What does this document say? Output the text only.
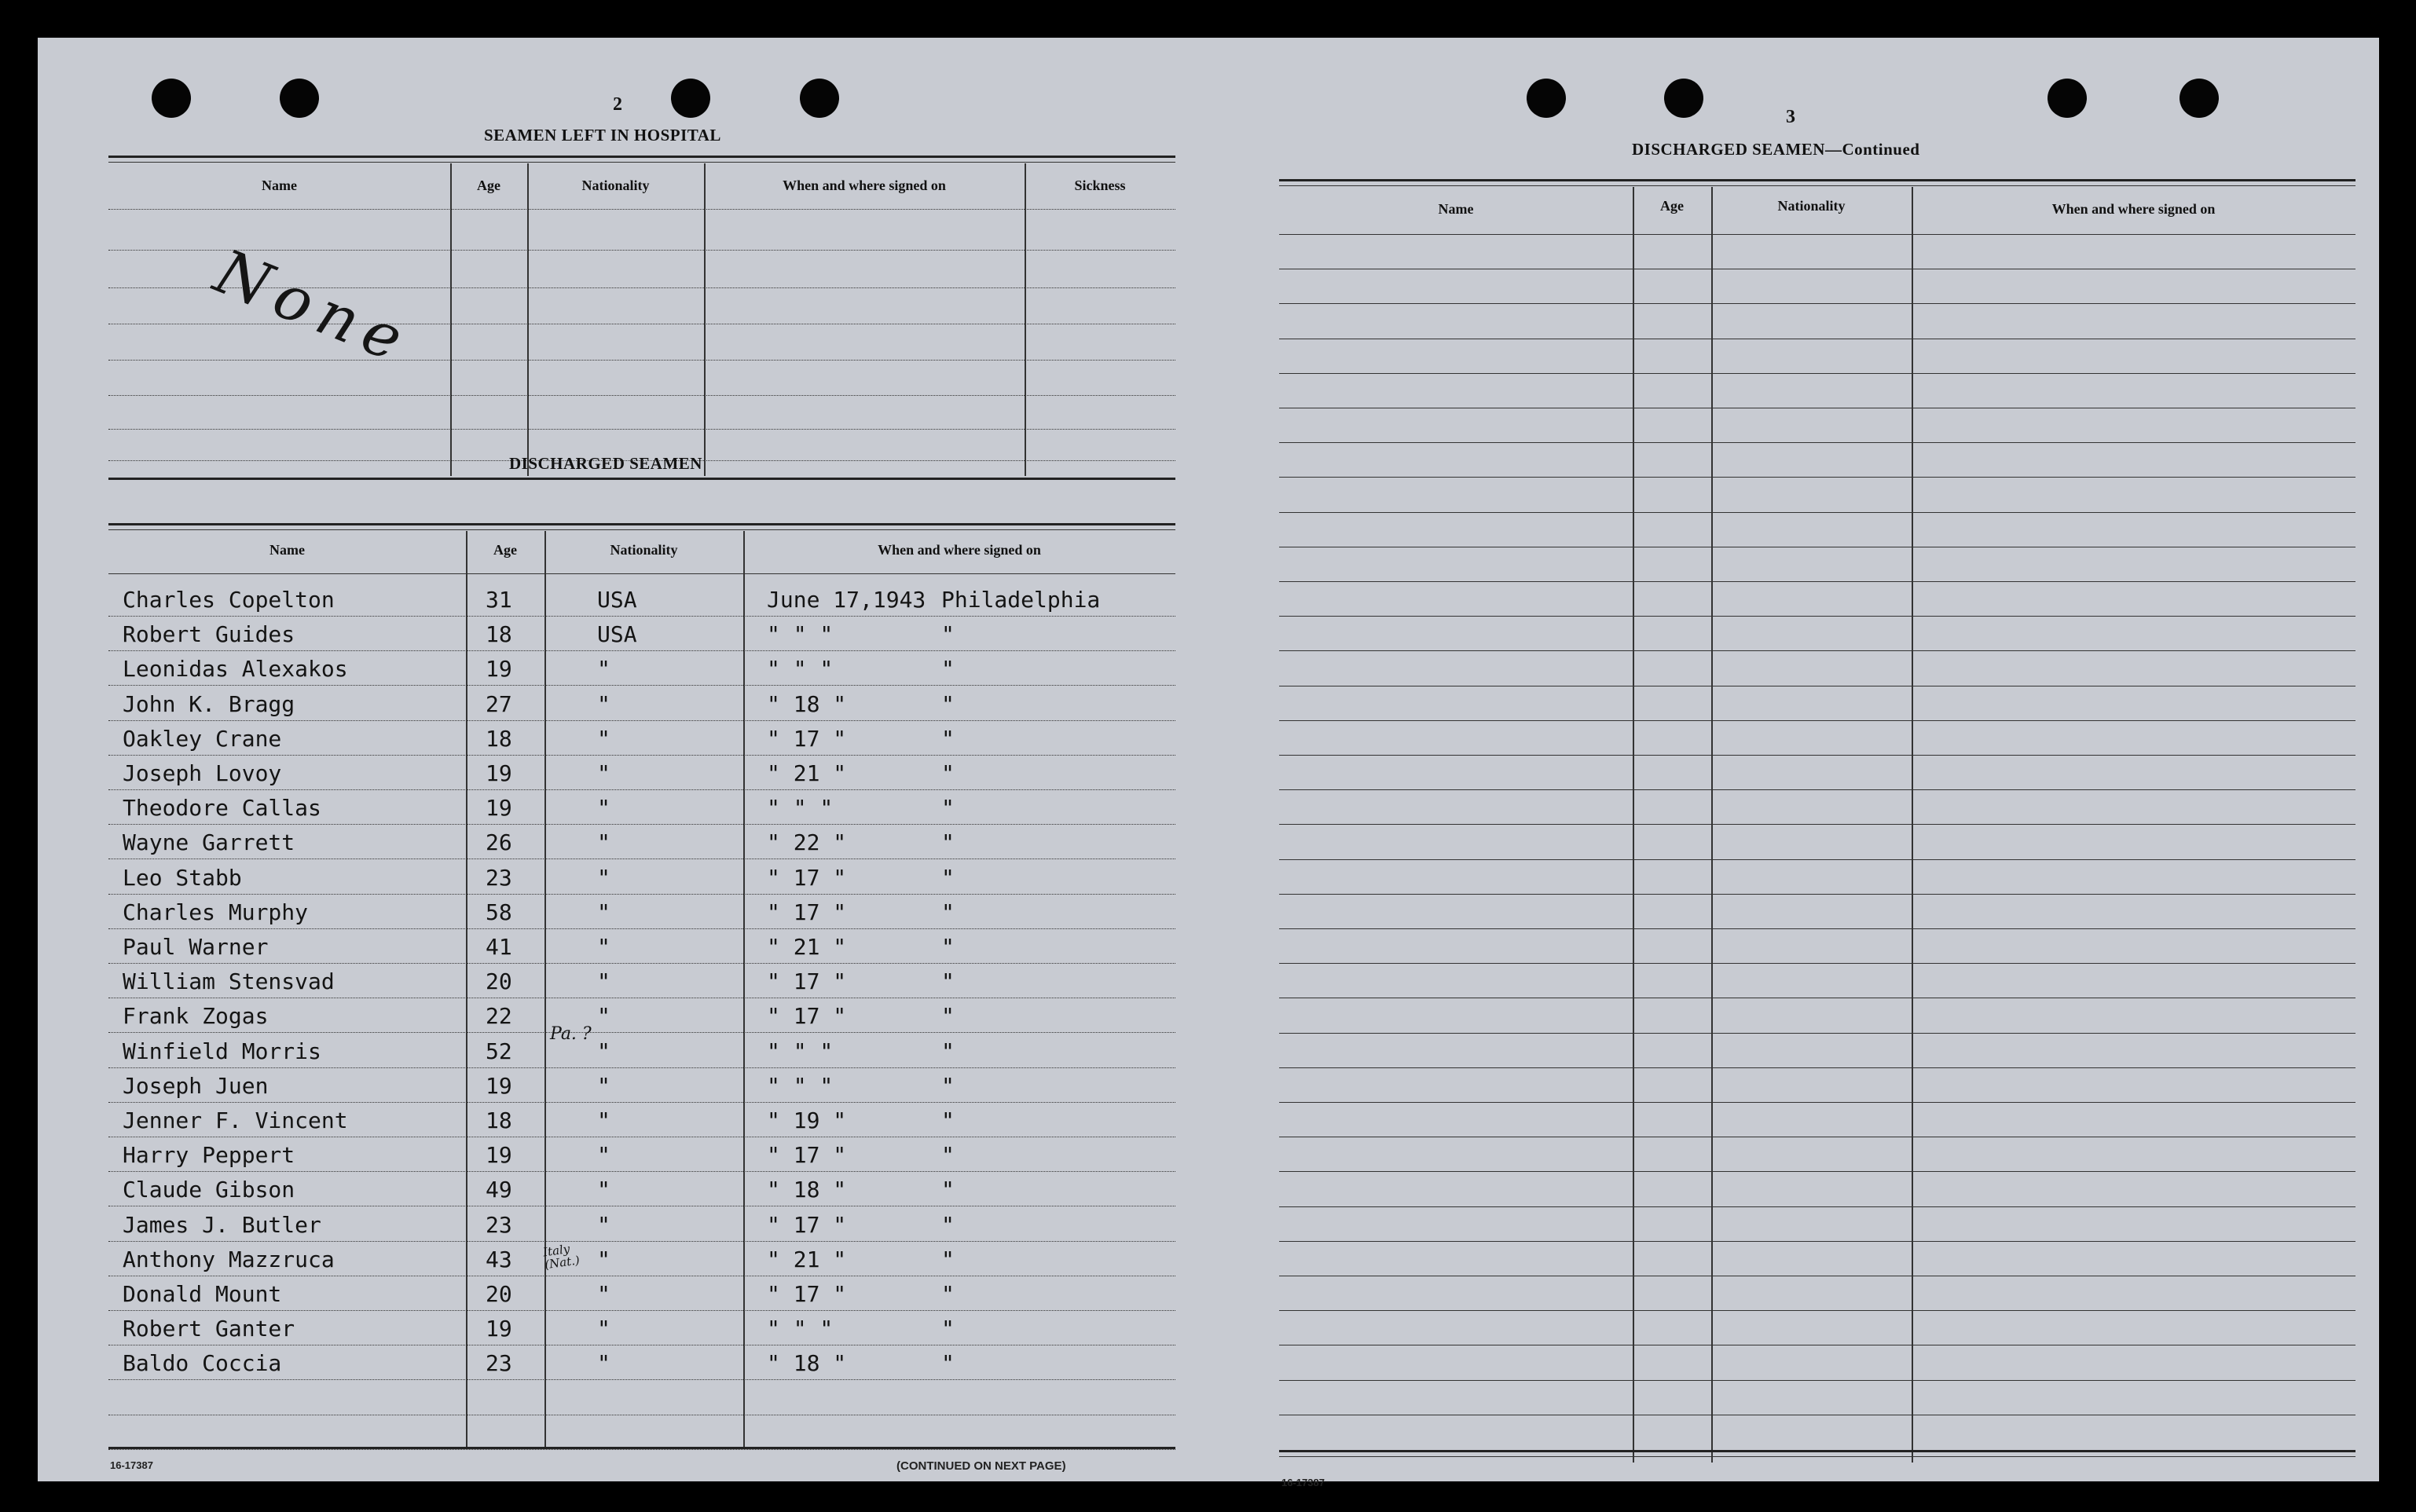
2
SEAMEN LEFT IN HOSPITAL
Name	Age	Nationality	When and where signed on	Sickness
None
DISCHARGED SEAMEN
Name	Age	Nationality	When and where signed on
Charles Copelton	31	USA	June 17,1943 Philadelphia
Robert Guides	18	USA	" " "	"
Leonidas Alexakos	19	"	" " "	"
John K. Bragg	27	"	" 18 "	"
Oakley Crane	18	"	" 17 "	"
Joseph Lovoy	19	"	" 21 "	"
Theodore Callas	19	"	" " "	"
Wayne Garrett	26	"	" 22 "	"
Leo Stabb	23	"	" 17 "	"
Charles Murphy	58	"	" 17 "	"
Paul Warner	41	"	" 21 "	"
William Stensvad	20	"	" 17 "	"
Frank Zogas	22	"	" 17 "	"
Winfield Morris	52	"	" " "	"
Joseph Juen	19	"	" " "	"
Jenner F. Vincent	18	"	" 19 "	"
Harry Peppert	19	"	" 17 "	"
Claude Gibson	49	"	" 18 "	"
James J. Butler	23	"	" 17 "	"
Anthony Mazzruca	43	"	" 21 "	"
Donald Mount	20	"	" 17 "	"
Robert Ganter	19	"	" " "	"
Baldo Coccia	23	"	" 18 "	"
Pa. ?
Italy (Nat.)
16-17387	(CONTINUED ON NEXT PAGE)
3
DISCHARGED SEAMEN—Continued
Name	Age	Nationality	When and where signed on
16-17387
